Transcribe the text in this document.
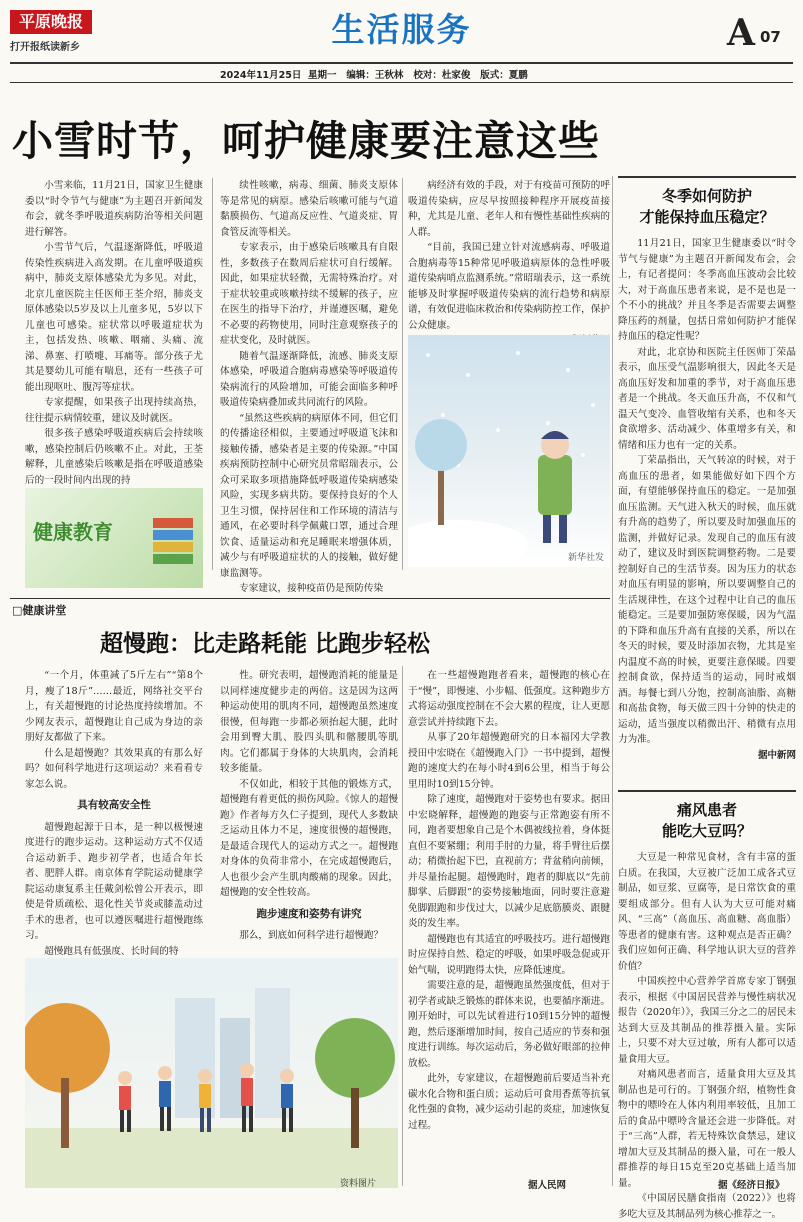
平原晚报
打开报纸读新乡	生活服务	A 07
2024年11月25日  星期一   编辑：王秋林   校对：杜家俊   版式：夏鹏
小雪时节，呵护健康要注意这些

小雪来临，11月21日，国家卫生健康委以“时令节气与健康”为主题召开新闻发布会，就冬季呼吸道疾病防治等相关问题进行解答。

小雪节气后，气温逐渐降低，呼吸道传染性疾病进入高发期。在儿童呼吸道疾病中，肺炎支原体感染尤为多见。对此，北京儿童医院主任医师王荃介绍，肺炎支原体感染以5岁及以上儿童多见，5岁以下儿童也可感染。症状常以呼吸道症状为主，包括发热、咳嗽、咽痛、头痛、流涕、鼻塞、打喷嚏、耳痛等。部分孩子尤其是婴幼儿可能有喘息，还有一些孩子可能出现呕吐、腹泻等症状。

专家提醒，如果孩子出现持续高热，往往提示病情较重，建议及时就医。

很多孩子感染呼吸道疾病后会持续咳嗽，感染控制后仍咳嗽不止。对此，王荃解释，儿童感染后咳嗽是指在呼吸道感染后的一段时间内出现的持

健康教育

续性咳嗽，病毒、细菌、肺炎支原体等是常见的病原。感染后咳嗽可能与气道黏膜损伤、气道高反应性、气道炎症、胃食管反流等相关。

专家表示，由于感染后咳嗽具有自限性，多数孩子在数周后症状可自行缓解。因此，如果症状轻微，无需特殊治疗。对于症状较重或咳嗽持续不缓解的孩子，应在医生的指导下治疗，并谨遵医嘱，避免不必要的药物使用，同时注意观察孩子的症状变化，及时就医。

随着气温逐渐降低，流感、肺炎支原体感染，呼吸道合胞病毒感染等呼吸道传染病流行的风险增加，可能会面临多种呼吸道传染病叠加或共同流行的风险。

“虽然这些疾病的病原体不同，但它们的传播途径相似，主要通过呼吸道飞沫和接触传播，感染者是主要的传染源。”中国疾病预防控制中心研究员常昭瑞表示，公众可采取多项措施降低呼吸道传染病感染风险，实现多病共防。要保持良好的个人卫生习惯，保持居住和工作环境的清洁与通风，在必要时科学佩戴口罩，通过合理饮食、适量运动和充足睡眠来增强体质，减少与有呼吸道症状的人的接触，做好健康监测等。

专家建议，接种疫苗仍是预防传染

病经济有效的手段，对于有疫苗可预防的呼吸道传染病，应尽早按照接种程序开展疫苗接种，尤其是儿童、老年人和有慢性基础性疾病的人群。

“目前，我国已建立针对流感病毒、呼吸道合胞病毒等15种常见呼吸道病原体的急性呼吸道传染病哨点监测系统。”常昭瑞表示，这一系统能够及时掌握呼吸道传染病的流行趋势和病原谱，有效促进临床救治和传染病防控工作，保护公众健康。

新华社发
冬季如何防护
才能保持血压稳定？

11月21日，国家卫生健康委以“时令节气与健康”为主题召开新闻发布会，会上，有记者提问：冬季高血压波动会比较大，对于高血压患者来说，是不是也是一个不小的挑战？并且冬季是否需要去调整降压药的剂量，包括日常如何防护才能保持血压的稳定性呢？

对此，北京协和医院主任医师丁荣晶表示，血压受气温影响很大，因此冬天是高血压好发和加重的季节，对于高血压患者是一个挑战。冬天血压升高，不仅和气温天气变冷、血管收缩有关系，也和冬天食欲增多、活动减少、体重增多有关，和情绪和压力也有一定的关系。

丁荣晶指出，天气转凉的时候，对于高血压的患者，如果能做好如下四个方面，有望能够保持血压的稳定。一是加强血压监测。天气进入秋天的时候，血压就有升高的趋势了，所以要及时加强血压的监测，并做好记录。发现自己的血压有波动了，建议及时到医院调整药物。二是要控制好自己的生活节奏。因为压力的状态对血压有明显的影响，所以要调整自己的生活规律性，在这个过程中让自己的血压能稳定。三是要加强防寒保暖，因为气温的下降和血压升高有直接的关系，所以在冬天的时候，要及时添加衣物，尤其是室内温度不高的时候，更要注意保暖。四要控制食欲，保持适当的运动，同时戒烟酒。每餐七到八分饱，控制高油脂、高糖和高盐食物，每天做三四十分钟的快走的运动，适当强度以稍微出汗、稍微有点用力为准。

据中新网
□健康讲堂
超慢跑：比走路耗能 比跑步轻松

“一个月，体重减了5斤左右”“第8个月，瘦了18斤”……最近，网络社交平台上，有关超慢跑的讨论热度持续增加。不少网友表示，超慢跑让自己成为身边的亲朋好友都做了下来。

什么是超慢跑？其效果真的有那么好吗？如何科学地进行这项运动？来看看专家怎么说。

具有较高安全性

超慢跑起源于日本，是一种以极慢速度进行的跑步运动。这种运动方式不仅适合运动新手、跑步初学者，也适合年长者、肥胖人群。南京体育学院运动健康学院运动康复系主任戴剑松曾公开表示，即使是骨质疏松、退化性关节炎或膝盖动过手术的患者，也可以遵医嘱进行超慢跑练习。

超慢跑具有低强度、长时间的特

性。研究表明，超慢跑消耗的能量是以同样速度健步走的两倍。这是因为这两种运动使用的肌肉不同，超慢跑虽然速度很慢，但每跑一步都必须抬起大腿，此时会用到臀大肌、股四头肌和髂腰肌等肌肉。它们都属于身体的大块肌肉，会消耗较多能量。

不仅如此，相较于其他的锻炼方式，超慢跑有着更低的损伤风险。《惊人的超慢跑》作者每方久仁子提到，现代人多数缺乏运动且体力不足，速度很慢的超慢跑，是最适合现代人的运动方式之一。超慢跑对身体的负荷非常小，在完成超慢跑后，人也很少会产生肌肉酸痛的现象。因此，超慢跑的安全性较高。

跑步速度和姿势有讲究

那么，到底如何科学进行超慢跑？

资料图片

在一些超慢跑跑者看来，超慢跑的核心在于“慢”，即慢速、小步幅、低强度。这种跑步方式将运动强度控制在不会大累的程度，让人更愿意尝试并持续跑下去。

从事了20年超慢跑研究的日本福冈大学教授田中宏晓在《超慢跑入门》一书中提到，超慢跑的速度大约在每小时4到6公里，相当于每公里用时10到15分钟。

除了速度，超慢跑对于姿势也有要求。据田中宏晓解释，超慢跑的跑姿与正常跑姿有所不同，跑者要想象自己是个木偶被线拉着，身体挺直但不要紧绷；利用手肘的力量，将手臂往后摆动；稍微抬起下巴，直视前方；背盆稍向前倾，并尽量抬起腿。超慢跑时，跑者的脚底以“先前脚掌、后脚跟”的姿势接触地面，同时要注意避免脚跟跑和步伐过大，以减少足底筋膜炎、跟腱炎的发生率。

超慢跑也有其适宜的呼吸技巧。进行超慢跑时应保持自然、稳定的呼吸，如果呼吸急促或开始气喘，说明跑得太快，应降低速度。

需要注意的是，超慢跑虽然强度低，但对于初学者或缺乏锻炼的群体来说，也要循序渐进。刚开始时，可以先试着进行10到15分钟的超慢跑，然后逐渐增加时间，按自己适应的节奏和强度进行训练。每次运动后，务必做好眼部的拉伸放松。

此外，专家建议，在超慢跑前后要适当补充碳水化合物和蛋白质；运动后可食用香蕉等抗氧化性强的食物，减少运动引起的炎症，加速恢复过程。

据人民网
痛风患者
能吃大豆吗？

大豆是一种常见食材，含有丰富的蛋白质。在我国，大豆被广泛加工成各式豆制品，如豆浆、豆腐等，是日常饮食的重要组成部分。但有人认为大豆可能对痛风、“三高”（高血压、高血糖、高血脂）等患者的健康有害。这种观点是否正确？我们应如何正确、科学地认识大豆的营养价值？

中国疾控中心营养学首席专家丁钢强表示，根据《中国居民营养与慢性病状况报告（2020年）》，我国三分之二的居民未达到大豆及其制品的推荐摄入量。实际上，只要不对大豆过敏，所有人都可以适量食用大豆。

对痛风患者而言，适量食用大豆及其制品也是可行的。丁钢强介绍，植物性食物中的嘌呤在人体内利用率较低，且加工后的食品中嘌呤含量还会进一步降低。对于“三高”人群，若无特殊饮食禁忌，建议增加大豆及其制品的摄入量，可在一般人群推荐的每日15克至20克基础上适当加量。

《中国居民膳食指南（2022）》也将多吃大豆及其制品列为核心推荐之一。

据《经济日报》
